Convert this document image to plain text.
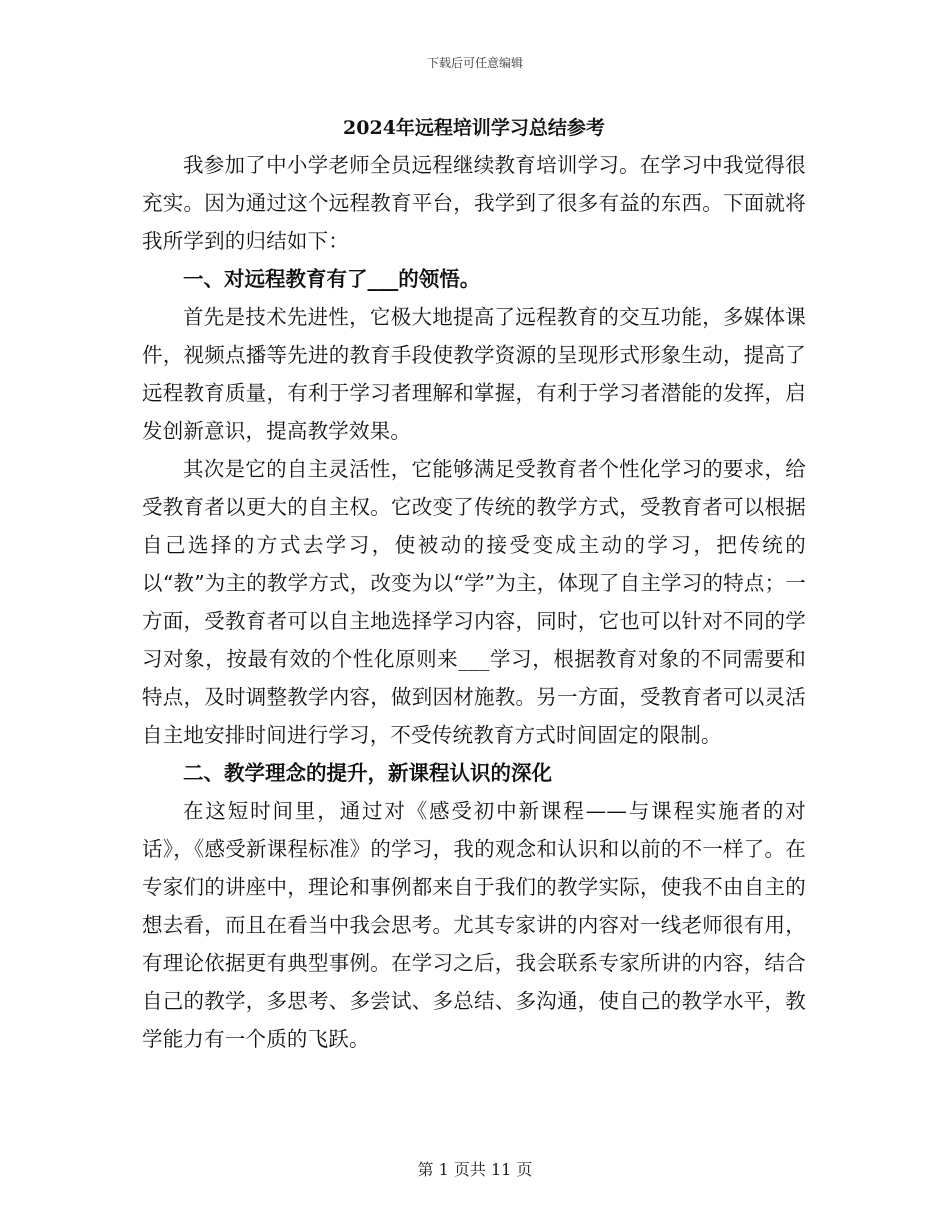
下载后可任意编辑
2024年远程培训学习总结参考

我参加了中小学老师全员远程继续教育培训学习。在学习中我觉得很充实。因为通过这个远程教育平台，我学到了很多有益的东西。下面就将我所学到的归结如下：

一、对远程教育有了___的领悟。

首先是技术先进性，它极大地提高了远程教育的交互功能，多媒体课件，视频点播等先进的教育手段使教学资源的呈现形式形象生动，提高了远程教育质量，有利于学习者理解和掌握，有利于学习者潜能的发挥，启发创新意识，提高教学效果。

其次是它的自主灵活性，它能够满足受教育者个性化学习的要求，给受教育者以更大的自主权。它改变了传统的教学方式，受教育者可以根据自己选择的方式去学习，使被动的接受变成主动的学习，把传统的以“教”为主的教学方式，改变为以“学”为主，体现了自主学习的特点；一方面，受教育者可以自主地选择学习内容，同时，它也可以针对不同的学习对象，按最有效的个性化原则来___学习，根据教育对象的不同需要和特点，及时调整教学内容，做到因材施教。另一方面，受教育者可以灵活自主地安排时间进行学习，不受传统教育方式时间固定的限制。

二、教学理念的提升，新课程认识的深化

在这短时间里，通过对《感受初中新课程——与课程实施者的对话》，《感受新课程标准》的学习，我的观念和认识和以前的不一样了。在专家们的讲座中，理论和事例都来自于我们的教学实际，使我不由自主的想去看，而且在看当中我会思考。尤其专家讲的内容对一线老师很有用，有理论依据更有典型事例。在学习之后，我会联系专家所讲的内容，结合自己的教学，多思考、多尝试、多总结、多沟通，使自己的教学水平，教学能力有一个质的飞跃。

第 1 页共 11 页
